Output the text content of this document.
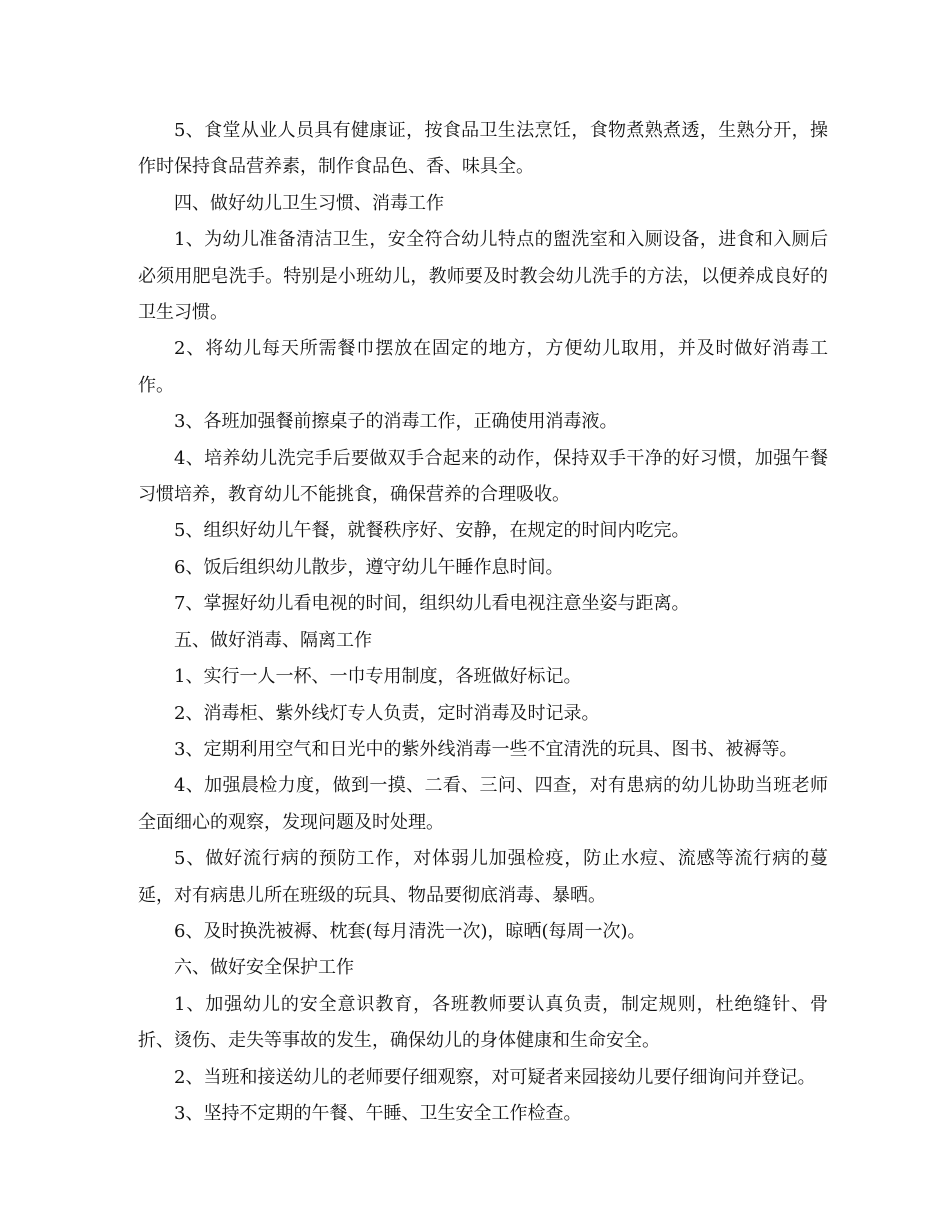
5、食堂从业人员具有健康证，按食品卫生法烹饪，食物煮熟煮透，生熟分开，操作时保持食品营养素，制作食品色、香、味具全。

四、做好幼儿卫生习惯、消毒工作

1、为幼儿准备清洁卫生，安全符合幼儿特点的盥洗室和入厕设备，进食和入厕后必须用肥皂洗手。特别是小班幼儿，教师要及时教会幼儿洗手的方法，以便养成良好的卫生习惯。

2、将幼儿每天所需餐巾摆放在固定的地方，方便幼儿取用，并及时做好消毒工作。

3、各班加强餐前擦桌子的消毒工作，正确使用消毒液。

4、培养幼儿洗完手后要做双手合起来的动作，保持双手干净的好习惯，加强午餐习惯培养，教育幼儿不能挑食，确保营养的合理吸收。

5、组织好幼儿午餐，就餐秩序好、安静，在规定的时间内吃完。

6、饭后组织幼儿散步，遵守幼儿午睡作息时间。

7、掌握好幼儿看电视的时间，组织幼儿看电视注意坐姿与距离。

五、做好消毒、隔离工作

1、实行一人一杯、一巾专用制度，各班做好标记。

2、消毒柜、紫外线灯专人负责，定时消毒及时记录。

3、定期利用空气和日光中的紫外线消毒一些不宜清洗的玩具、图书、被褥等。

4、加强晨检力度，做到一摸、二看、三问、四查，对有患病的幼儿协助当班老师全面细心的观察，发现问题及时处理。

5、做好流行病的预防工作，对体弱儿加强检疫，防止水痘、流感等流行病的蔓延，对有病患儿所在班级的玩具、物品要彻底消毒、暴晒。

6、及时换洗被褥、枕套(每月清洗一次)，晾晒(每周一次)。

六、做好安全保护工作

1、加强幼儿的安全意识教育，各班教师要认真负责，制定规则，杜绝缝针、骨折、烫伤、走失等事故的发生，确保幼儿的身体健康和生命安全。

2、当班和接送幼儿的老师要仔细观察，对可疑者来园接幼儿要仔细询问并登记。

3、坚持不定期的午餐、午睡、卫生安全工作检查。
